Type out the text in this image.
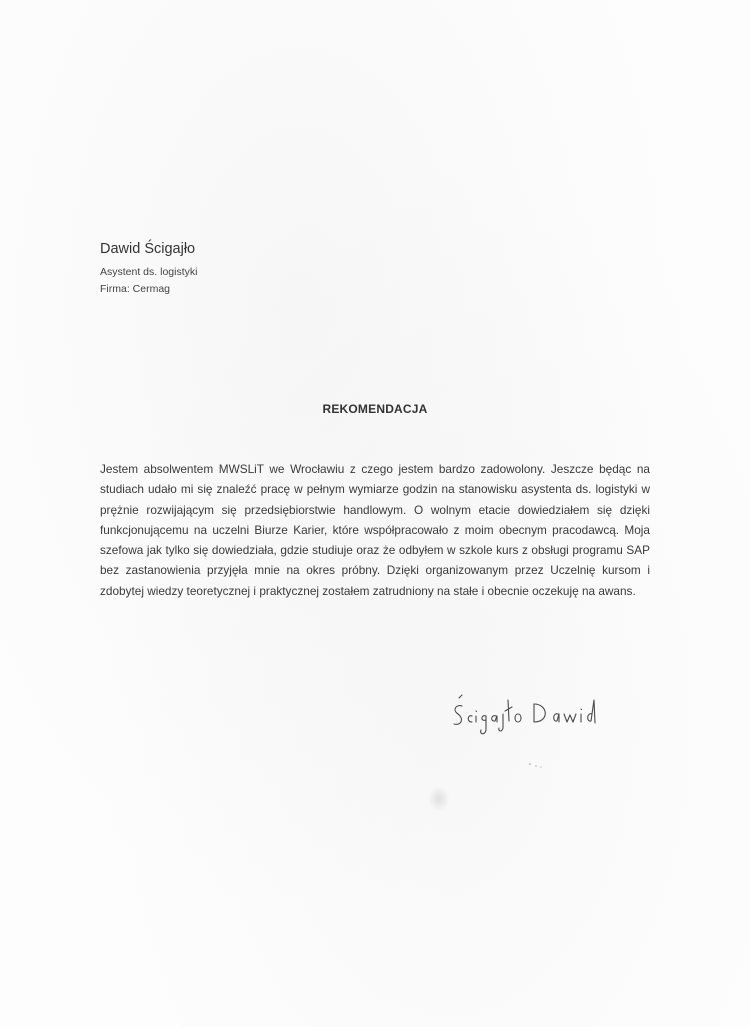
Dawid Ścigajło

Asystent ds. logistyki

Firma: Cermag

REKOMENDACJA

Jestem absolwentem MWSLiT we Wrocławiu z czego jestem bardzo zadowolony. Jeszcze będąc na studiach udało mi się znaleźć pracę w pełnym wymiarze godzin na stanowisku asystenta ds. logistyki w prężnie rozwijającym się przedsiębiorstwie handlowym. O wolnym etacie dowiedziałem się dzięki funkcjonującemu na uczelni Biurze Karier, które współpracowało z moim obecnym pracodawcą. Moja szefowa jak tylko się dowiedziała, gdzie studiuje oraz że odbyłem w szkole kurs z obsługi programu SAP bez zastanowienia przyjęła mnie na okres próbny. Dzięki organizowanym przez Uczelnię kursom i zdobytej wiedzy teoretycznej i praktycznej zostałem zatrudniony na stałe i obecnie oczekuję na awans.
